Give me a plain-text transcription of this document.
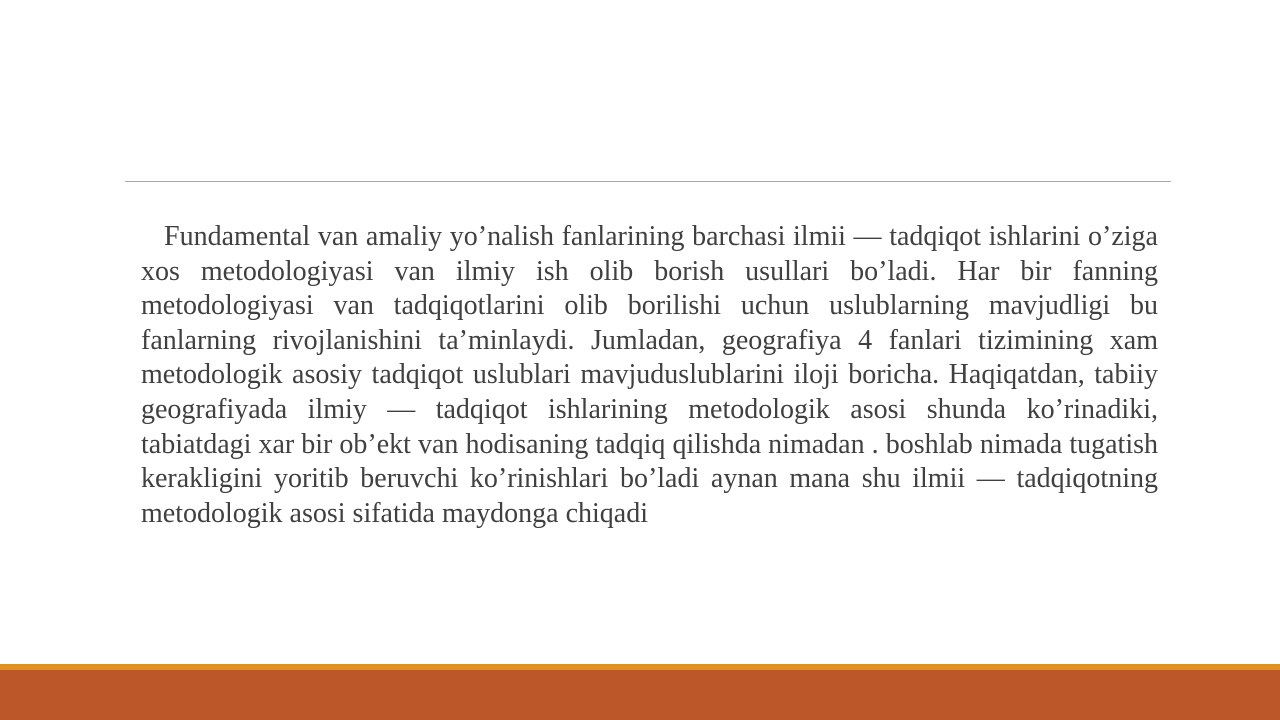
Fundamental van amaliy yo’nalish fanlarining barchasi ilmii — tadqiqot ishlarini o’ziga xos metodologiyasi van ilmiy ish olib borish usullari bo’ladi. Har bir fanning metodologiyasi van tadqiqotlarini olib borilishi uchun uslublarning mavjudligi bu fanlarning rivojlanishini ta’minlaydi. Jumladan, geografiya 4 fanlari tizimining xam metodologik asosiy tadqiqot uslublari mavjuduslublarini iloji boricha. Haqiqatdan, tabiiy geografiyada ilmiy — tadqiqot ishlarining metodologik asosi shunda ko’rinadiki, tabiatdagi xar bir ob’ekt van hodisaning tadqiq qilishda nimadan . boshlab nimada tugatish kerakligini yoritib beruvchi ko’rinishlari bo’ladi aynan mana shu ilmii — tadqiqotning metodologik asosi sifatida maydonga chiqadi
